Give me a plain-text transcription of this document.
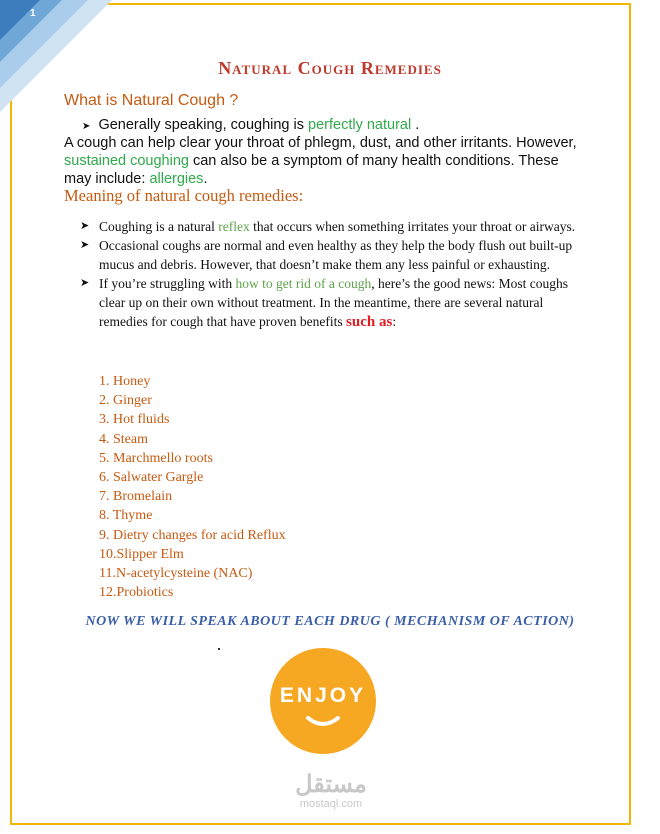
1
Natural Cough Remedies
What is Natural Cough ?
➤ Generally speaking, coughing is perfectly natural .
A cough can help clear your throat of phlegm, dust, and other irritants. However, sustained coughing can also be a symptom of many health conditions. These may include: allergies.
Meaning of natural cough remedies:
➤ Coughing is a natural reflex that occurs when something irritates your throat or airways.
➤ Occasional coughs are normal and even healthy as they help the body flush out built-up mucus and debris. However, that doesn’t make them any less painful or exhausting.
➤ If you’re struggling with how to get rid of a cough, here’s the good news: Most coughs clear up on their own without treatment. In the meantime, there are several natural remedies for cough that have proven benefits such as:
1. Honey
2. Ginger
3. Hot fluids
4. Steam
5. Marchmello roots
6. Salwater Gargle
7. Bromelain
8. Thyme
9. Dietry changes for acid Reflux
10.Slipper Elm
11.N-acetylcysteine (NAC)
12.Probiotics
NOW WE WILL SPEAK ABOUT EACH DRUG ( MECHANISM OF ACTION)
ENJOY
مستقل
mostaql.com
